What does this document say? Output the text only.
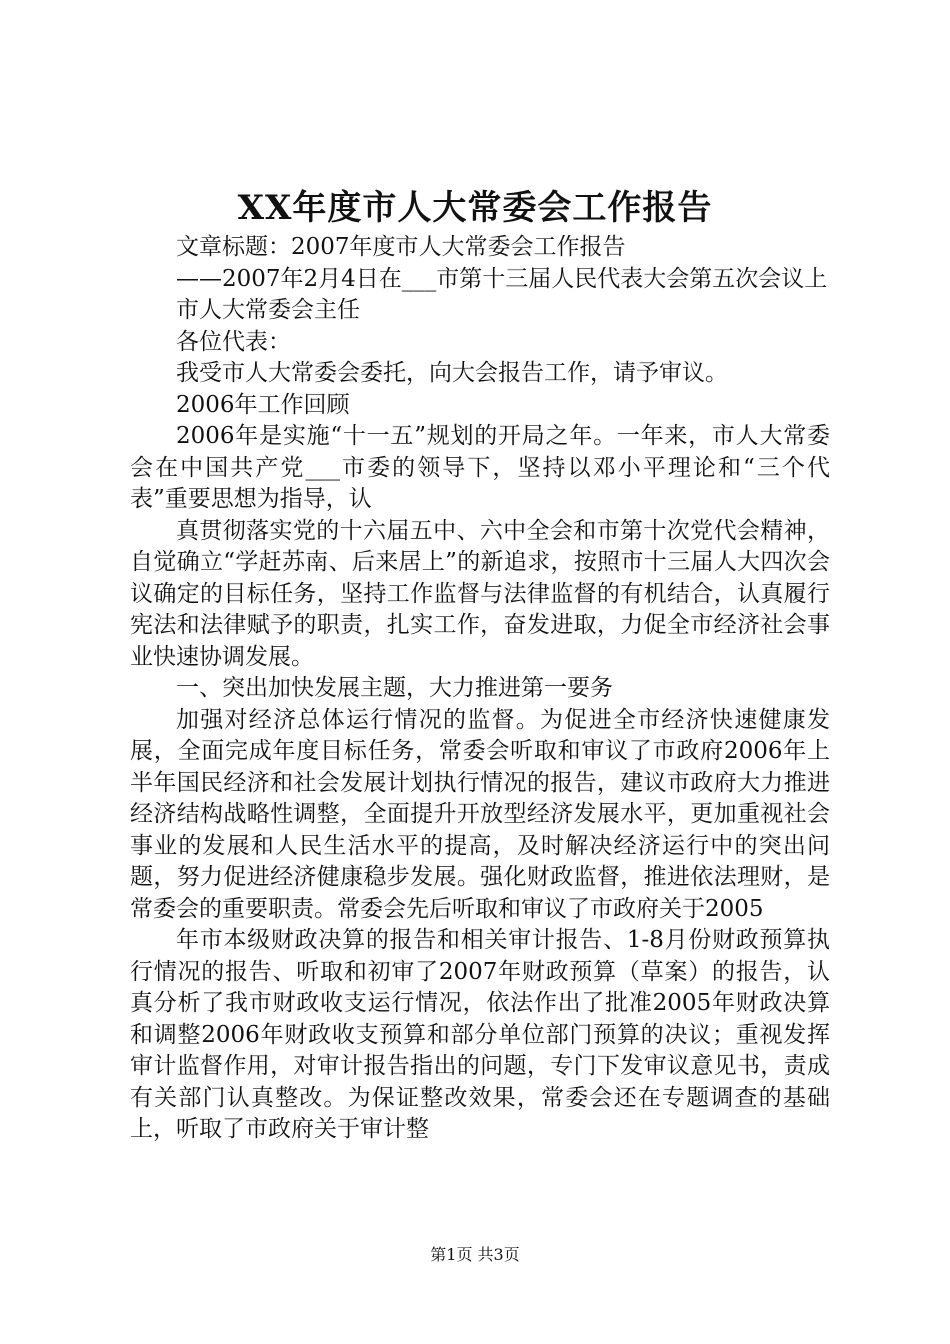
XX年度市人大常委会工作报告

文章标题：2007年度市人大常委会工作报告

——2007年2月4日在___市第十三届人民代表大会第五次会议上

市人大常委会主任

各位代表：

我受市人大常委会委托，向大会报告工作，请予审议。

2006年工作回顾

2006年是实施“十一五”规划的开局之年。一年来，市人大常委会在中国共产党___市委的领导下，坚持以邓小平理论和“三个代表”重要思想为指导，认

真贯彻落实党的十六届五中、六中全会和市第十次党代会精神，自觉确立“学赶苏南、后来居上”的新追求，按照市十三届人大四次会议确定的目标任务，坚持工作监督与法律监督的有机结合，认真履行宪法和法律赋予的职责，扎实工作，奋发进取，力促全市经济社会事业快速协调发展。

一、突出加快发展主题，大力推进第一要务

加强对经济总体运行情况的监督。为促进全市经济快速健康发展，全面完成年度目标任务，常委会听取和审议了市政府2006年上半年国民经济和社会发展计划执行情况的报告，建议市政府大力推进经济结构战略性调整，全面提升开放型经济发展水平，更加重视社会事业的发展和人民生活水平的提高，及时解决经济运行中的突出问题，努力促进经济健康稳步发展。强化财政监督，推进依法理财，是常委会的重要职责。常委会先后听取和审议了市政府关于2005

年市本级财政决算的报告和相关审计报告、1-8月份财政预算执行情况的报告、听取和初审了2007年财政预算（草案）的报告，认真分析了我市财政收支运行情况，依法作出了批准2005年财政决算和调整2006年财政收支预算和部分单位部门预算的决议；重视发挥审计监督作用，对审计报告指出的问题，专门下发审议意见书，责成有关部门认真整改。为保证整改效果，常委会还在专题调查的基础上，听取了市政府关于审计整

第1页 共3页
